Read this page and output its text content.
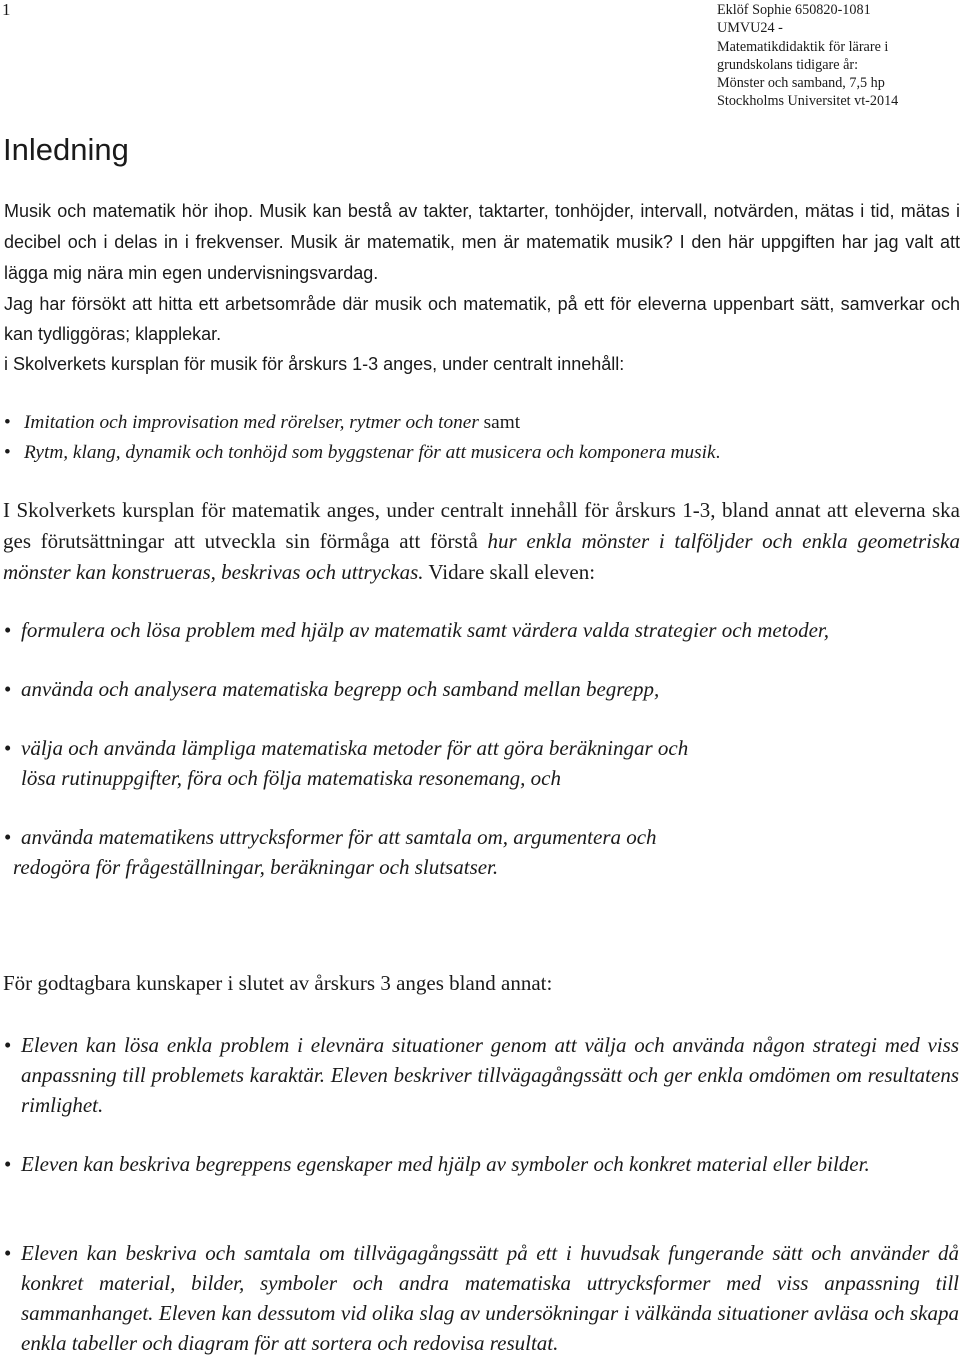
1	Eklöf Sophie 650820-1081
UMVU24 -
Matematikdidaktik för lärare i
grundskolans tidigare år:
Mönster och samband, 7,5 hp
Stockholms Universitet vt-2014
Inledning

Musik och matematik hör ihop. Musik kan bestå av takter, taktarter, tonhöjder, intervall, notvärden, mätas i tid, mätas i decibel och i delas in i frekvenser. Musik är matematik, men är matematik musik? I den här uppgiften har jag valt att lägga mig nära min egen undervisningsvardag.

Jag har försökt att hitta ett arbetsområde där musik och matematik, på ett för eleverna uppenbart sätt, samverkar och kan tydliggöras; klapplekar.

i Skolverkets kursplan för musik för årskurs 1-3 anges, under centralt innehåll:

• Imitation och improvisation med rörelser, rytmer och toner samt
• Rytm, klang, dynamik och tonhöjd som byggstenar för att musicera och komponera musik.

I Skolverkets kursplan för matematik anges, under centralt innehåll för årskurs 1-3, bland annat att eleverna ska ges förutsättningar att utveckla sin förmåga att förstå hur enkla mönster i talföljder och enkla geometriska mönster kan konstrueras, beskrivas och uttryckas. Vidare skall eleven:

• formulera och lösa problem med hjälp av matematik samt värdera valda strategier och metoder,
• använda och analysera matematiska begrepp och samband mellan begrepp,
• välja och använda lämpliga matematiska metoder för att göra beräkningar och
lösa rutinuppgifter, föra och följa matematiska resonemang, och
• använda matematikens uttrycksformer för att samtala om, argumentera och
redogöra för frågeställningar, beräkningar och slutsatser.

För godtagbara kunskaper i slutet av årskurs 3 anges bland annat:

• Eleven kan lösa enkla problem i elevnära situationer genom att välja och använda någon strategi med viss anpassning till problemets karaktär. Eleven beskriver tillvägagångssätt och ger enkla omdömen om resultatens rimlighet.
• Eleven kan beskriva begreppens egenskaper med hjälp av symboler och konkret material eller bilder.
• Eleven kan beskriva och samtala om tillvägagångssätt på ett i huvudsak fungerande sätt och använder då konkret material, bilder, symboler och andra matematiska uttrycksformer med viss anpassning till sammanhanget. Eleven kan dessutom vid olika slag av undersökningar i välkända situationer avläsa och skapa enkla tabeller och diagram för att sortera och redovisa resultat.
